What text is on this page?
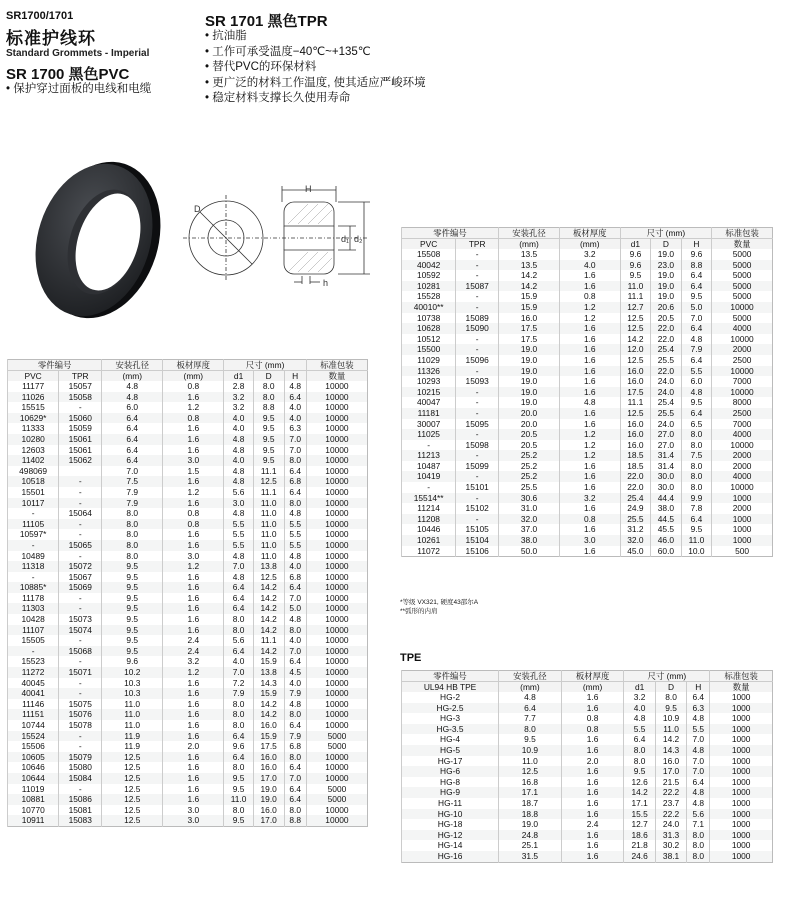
SR1700/1701
标准护线环
Standard Grommets - Imperial
SR 1700 黑色PVC
• 保护穿过面板的电线和电缆
SR 1701 黑色TPR
• 抗油脂
• 工作可承受温度−40℃~+135℃
• 替代PVC的环保材料
• 更广泛的材料工作温度, 使其适应严峻环境
• 稳定材料支撑长久使用寿命
D
H
d₁ d₂
h
零件编号		安装孔径	板材厚度	尺寸 (mm)			标准包装
PVC	TPR	(mm)	(mm)	d1	D	H	数量
11177	15057	4.8	0.8	2.8	8.0	4.8	10000
11026	15058	4.8	1.6	3.2	8.0	6.4	10000
15515	-	6.0	1.2	3.2	8.8	4.0	10000
10629*	15060	6.4	0.8	4.0	9.5	4.0	10000
11333	15059	6.4	1.6	4.0	9.5	6.3	10000
10280	15061	6.4	1.6	4.8	9.5	7.0	10000
12603	15061	6.4	1.6	4.8	9.5	7.0	10000
11402	15062	6.4	3.0	4.0	9.5	8.0	10000
498069		7.0	1.5	4.8	11.1	6.4	10000
10518	-	7.5	1.6	4.8	12.5	6.8	10000
15501	-	7.9	1.2	5.6	11.1	6.4	10000
10117	-	7.9	1.6	3.0	11.0	8.0	10000
-	15064	8.0	0.8	4.8	11.0	4.8	10000
11105	-	8.0	0.8	5.5	11.0	5.5	10000
10597*	-	8.0	1.6	5.5	11.0	5.5	10000
-	15065	8.0	1.6	5.5	11.0	5.5	10000
10489	-	8.0	3.0	4.8	11.0	4.8	10000
11318	15072	9.5	1.2	7.0	13.8	4.0	10000
-	15067	9.5	1.6	4.8	12.5	6.8	10000
10885*	15069	9.5	1.6	6.4	14.2	6.4	10000
11178	-	9.5	1.6	6.4	14.2	7.0	10000
11303	-	9.5	1.6	6.4	14.2	5.0	10000
10428	15073	9.5	1.6	8.0	14.2	4.8	10000
11107	15074	9.5	1.6	8.0	14.2	8.0	10000
15505	-	9.5	2.4	5.6	11.1	4.0	10000
-	15068	9.5	2.4	6.4	14.2	7.0	10000
15523	-	9.6	3.2	4.0	15.9	6.4	10000
11272	15071	10.2	1.2	7.0	13.8	4.5	10000
40045	-	10.3	1.6	7.2	14.3	4.0	10000
40041	-	10.3	1.6	7.9	15.9	7.9	10000
11146	15075	11.0	1.6	8.0	14.2	4.8	10000
11151	15076	11.0	1.6	8.0	14.2	8.0	10000
10744	15078	11.0	1.6	8.0	16.0	6.4	10000
15524	-	11.9	1.6	6.4	15.9	7.9	5000
15506	-	11.9	2.0	9.6	17.5	6.8	5000
10605	15079	12.5	1.6	6.4	16.0	8.0	10000
10646	15080	12.5	1.6	8.0	16.0	6.4	10000
10644	15084	12.5	1.6	9.5	17.0	7.0	10000
11019	-	12.5	1.6	9.5	19.0	6.4	5000
10881	15086	12.5	1.6	11.0	19.0	6.4	5000
10770	15081	12.5	3.0	8.0	16.0	8.0	10000
10911	15083	12.5	3.0	9.5	17.0	8.8	10000
零件编号		安装孔径	板材厚度	尺寸 (mm)			标准包装
PVC	TPR	(mm)	(mm)	d1	D	H	数量
15508	-	13.5	3.2	9.6	19.0	9.6	5000
40042	-	13.5	4.0	9.6	23.0	8.8	5000
10592	-	14.2	1.6	9.5	19.0	6.4	5000
10281	15087	14.2	1.6	11.0	19.0	6.4	5000
15528	-	15.9	0.8	11.1	19.0	9.5	5000
40010**	-	15.9	1.2	12.7	20.6	5.0	10000
10738	15089	16.0	1.2	12.5	20.5	7.0	5000
10628	15090	17.5	1.6	12.5	22.0	6.4	4000
10512	-	17.5	1.6	14.2	22.0	4.8	10000
15500	-	19.0	1.6	12.0	25.4	7.9	2000
11029	15096	19.0	1.6	12.5	25.5	6.4	2500
11326	-	19.0	1.6	16.0	22.0	5.5	10000
10293	15093	19.0	1.6	16.0	24.0	6.0	7000
10215	-	19.0	1.6	17.5	24.0	4.8	10000
40047	-	19.0	4.8	11.1	25.4	9.5	8000
11181	-	20.0	1.6	12.5	25.5	6.4	2500
30007	15095	20.0	1.6	16.0	24.0	6.5	7000
11025	-	20.5	1.2	16.0	27.0	8.0	4000
-	15098	20.5	1.2	16.0	27.0	8.0	10000
11213	-	25.2	1.2	18.5	31.4	7.5	2000
10487	15099	25.2	1.6	18.5	31.4	8.0	2000
10419	-	25.2	1.6	22.0	30.0	8.0	4000
-	15101	25.5	1.6	22.0	30.0	8.0	10000
15514**	-	30.6	3.2	25.4	44.4	9.9	1000
11214	15102	31.0	1.6	24.9	38.0	7.8	2000
11208	-	32.0	0.8	25.5	44.5	6.4	1000
10446	15105	37.0	1.6	31.2	45.5	9.5	1000
10261	15104	38.0	3.0	32.0	46.0	11.0	1000
11072	15106	50.0	1.6	45.0	60.0	10.0	500
*等级 VX321, 硬度43邵尔A
**弧形的内肩
TPE
零件编号	安装孔径	板材厚度	尺寸 (mm)			标准包装
UL94 HB TPE	(mm)	(mm)	d1	D	H	数量
HG-2	4.8	1.6	3.2	8.0	6.4	1000
HG-2.5	6.4	1.6	4.0	9.5	6.3	1000
HG-3	7.7	0.8	4.8	10.9	4.8	1000
HG-3.5	8.0	0.8	5.5	11.0	5.5	1000
HG-4	9.5	1.6	6.4	14.2	7.0	1000
HG-5	10.9	1.6	8.0	14.3	4.8	1000
HG-17	11.0	2.0	8.0	16.0	7.0	1000
HG-6	12.5	1.6	9.5	17.0	7.0	1000
HG-8	16.8	1.6	12.6	21.5	6.4	1000
HG-9	17.1	1.6	14.2	22.2	4.8	1000
HG-11	18.7	1.6	17.1	23.7	4.8	1000
HG-10	18.8	1.6	15.5	22.2	5.6	1000
HG-18	19.0	2.4	12.7	24.0	7.1	1000
HG-12	24.8	1.6	18.6	31.3	8.0	1000
HG-14	25.1	1.6	21.8	30.2	8.0	1000
HG-16	31.5	1.6	24.6	38.1	8.0	1000
